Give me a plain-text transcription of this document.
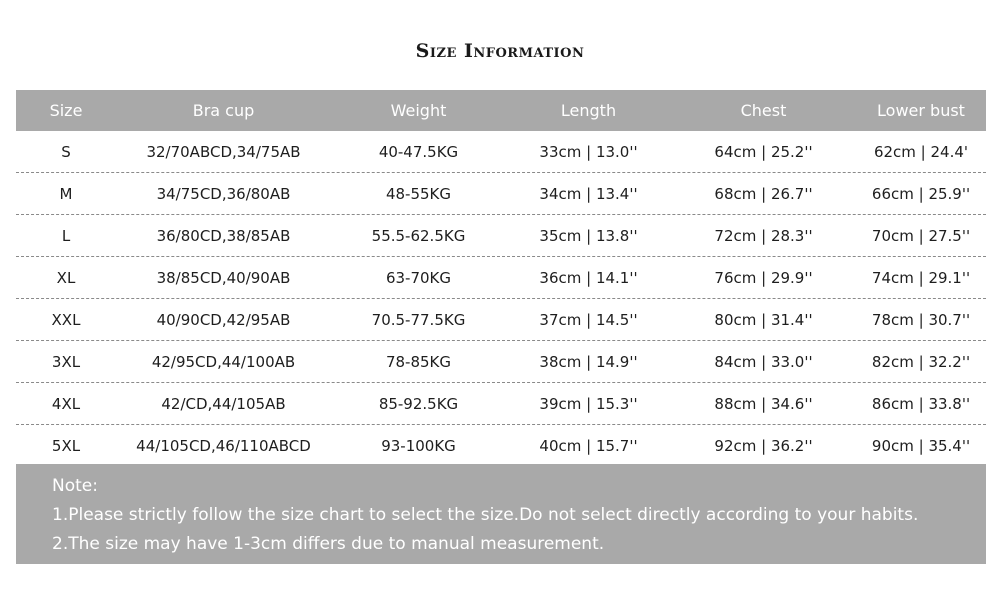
Size Information
Size	Bra cup	Weight	Length	Chest	Lower bust
S	32/70ABCD,34/75AB	40-47.5KG	33cm | 13.0''	64cm | 25.2''	62cm | 24.4'
M	34/75CD,36/80AB	48-55KG	34cm | 13.4''	68cm | 26.7''	66cm | 25.9''
L	36/80CD,38/85AB	55.5-62.5KG	35cm | 13.8''	72cm | 28.3''	70cm | 27.5''
XL	38/85CD,40/90AB	63-70KG	36cm | 14.1''	76cm | 29.9''	74cm | 29.1''
XXL	40/90CD,42/95AB	70.5-77.5KG	37cm | 14.5''	80cm | 31.4''	78cm | 30.7''
3XL	42/95CD,44/100AB	78-85KG	38cm | 14.9''	84cm | 33.0''	82cm | 32.2''
4XL	42/CD,44/105AB	85-92.5KG	39cm | 15.3''	88cm | 34.6''	86cm | 33.8''
5XL	44/105CD,46/110ABCD	93-100KG	40cm | 15.7''	92cm | 36.2''	90cm | 35.4''
Note:
1.Please strictly follow the size chart to select the size.Do not select directly according to your habits.
2.The size may have 1-3cm differs due to manual measurement.
